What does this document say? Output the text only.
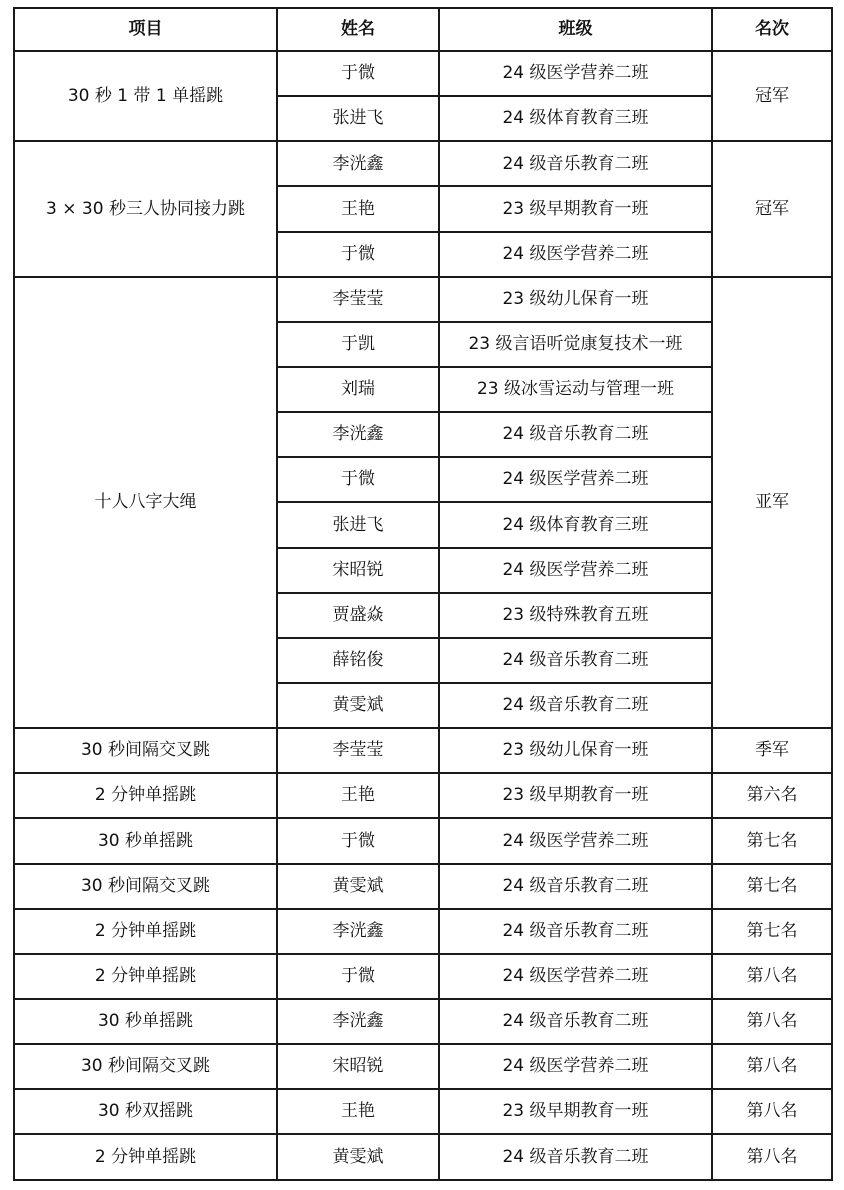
项目	姓名	班级	名次
30 秒 1 带 1 单摇跳	于微	24 级医学营养二班	冠军
	张进飞	24 级体育教育三班	
3 × 30 秒三人协同接力跳	李洸鑫	24 级音乐教育二班	冠军
	王艳	23 级早期教育一班	
	于微	24 级医学营养二班	
十人八字大绳	李莹莹	23 级幼儿保育一班	亚军
	于凯	23 级言语听觉康复技术一班	
	刘瑞	23 级冰雪运动与管理一班	
	李洸鑫	24 级音乐教育二班	
	于微	24 级医学营养二班	
	张进飞	24 级体育教育三班	
	宋昭锐	24 级医学营养二班	
	贾盛焱	23 级特殊教育五班	
	薛铭俊	24 级音乐教育二班	
	黄雯斌	24 级音乐教育二班	
30 秒间隔交叉跳	李莹莹	23 级幼儿保育一班	季军
2 分钟单摇跳	王艳	23 级早期教育一班	第六名
30 秒单摇跳	于微	24 级医学营养二班	第七名
30 秒间隔交叉跳	黄雯斌	24 级音乐教育二班	第七名
2 分钟单摇跳	李洸鑫	24 级音乐教育二班	第七名
2 分钟单摇跳	于微	24 级医学营养二班	第八名
30 秒单摇跳	李洸鑫	24 级音乐教育二班	第八名
30 秒间隔交叉跳	宋昭锐	24 级医学营养二班	第八名
30 秒双摇跳	王艳	23 级早期教育一班	第八名
2 分钟单摇跳	黄雯斌	24 级音乐教育二班	第八名
